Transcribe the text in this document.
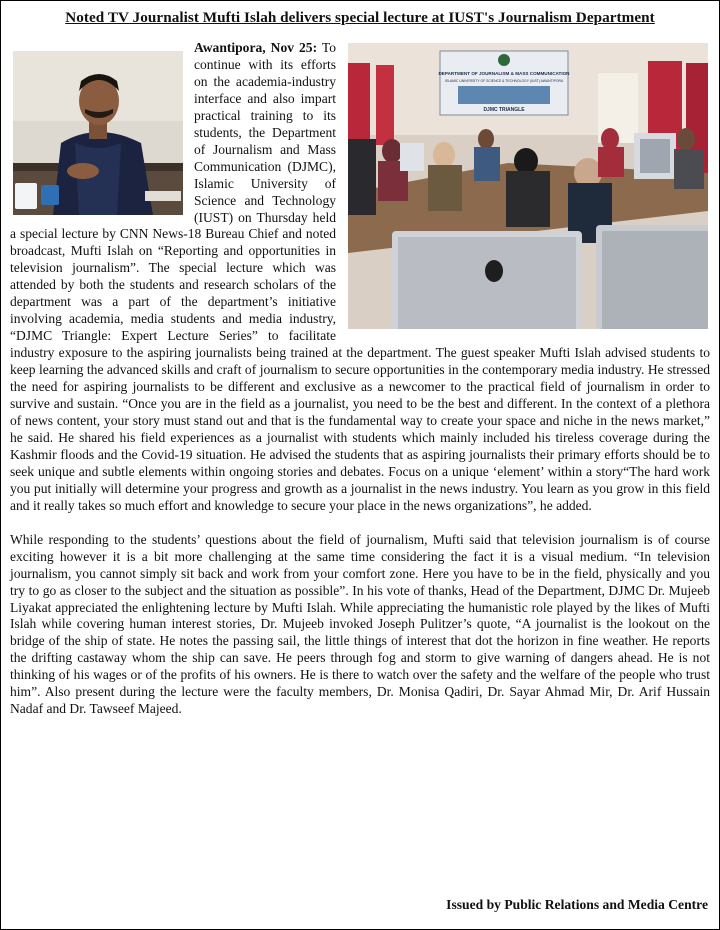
Noted TV Journalist Mufti Islah delivers special lecture at IUST's Journalism Department

Awantipora, Nov 25:
DEPARTMENT OF JOURNALISM & MASS COMMUNICATION
ISLAMIC UNIVERSITY OF SCIENCE & TECHNOLOGY (IUST) AWANTIPORA
DJMC TRIANGLE
To continue with its efforts on the academia-industry interface and also impart practical training to its students, the Department of Journalism and Mass Communication (DJMC), Islamic University of Science and Technology (IUST) on Thursday held a special lecture by CNN News-18 Bureau Chief and noted broadcast, Mufti Islah on “Reporting and opportunities in television journalism”. The special lecture which was attended by both the students and research scholars of the department was a part of the department’s initiative involving academia, media students and media industry, “DJMC Triangle: Expert Lecture Series” to facilitate industry exposure to the aspiring journalists being trained at the department. The guest speaker Mufti Islah advised students to keep learning the advanced skills and craft of journalism to secure opportunities in the contemporary media industry. He stressed the need for aspiring journalists to be different and exclusive as a newcomer to the practical field of journalism in order to survive and sustain. “Once you are in the field as a journalist, you need to be the best and different. In the context of a plethora of news content, your story must stand out and that is the fundamental way to create your space and niche in the news market,” he said. He shared his field experiences as a journalist with students which mainly included his tireless coverage during the Kashmir floods and the Covid-19 situation. He advised the students that as aspiring journalists their primary efforts should be to seek unique and subtle elements within ongoing stories and debates. Focus on a unique ‘element’ within a story“The hard work you put initially will determine your progress and growth as a journalist in the news industry. You learn as you grow in this field and it really takes so much effort and knowledge to secure your place in the news organizations”, he added.

While responding to the students’ questions about the field of journalism, Mufti said that television journalism is of course exciting however it is a bit more challenging at the same time considering the fact it is a visual medium. “In television journalism, you cannot simply sit back and work from your comfort zone. Here you have to be in the field, physically and you try to go as closer to the subject and the situation as possible”. In his vote of thanks, Head of the Department, DJMC Dr. Mujeeb Liyakat appreciated the enlightening lecture by Mufti Islah. While appreciating the humanistic role played by the likes of Mufti Islah while covering human interest stories, Dr. Mujeeb invoked Joseph Pulitzer’s quote, “A journalist is the lookout on the bridge of the ship of state. He notes the passing sail, the little things of interest that dot the horizon in fine weather. He reports the drifting castaway whom the ship can save. He peers through fog and storm to give warning of dangers ahead. He is not thinking of his wages or of the profits of his owners. He is there to watch over the safety and the welfare of the people who trust him”. Also present during the lecture were the faculty members, Dr. Monisa Qadiri, Dr. Sayar Ahmad Mir, Dr. Arif Hussain Nadaf and Dr. Tawseef Majeed.

Issued by Public Relations and Media Centre
